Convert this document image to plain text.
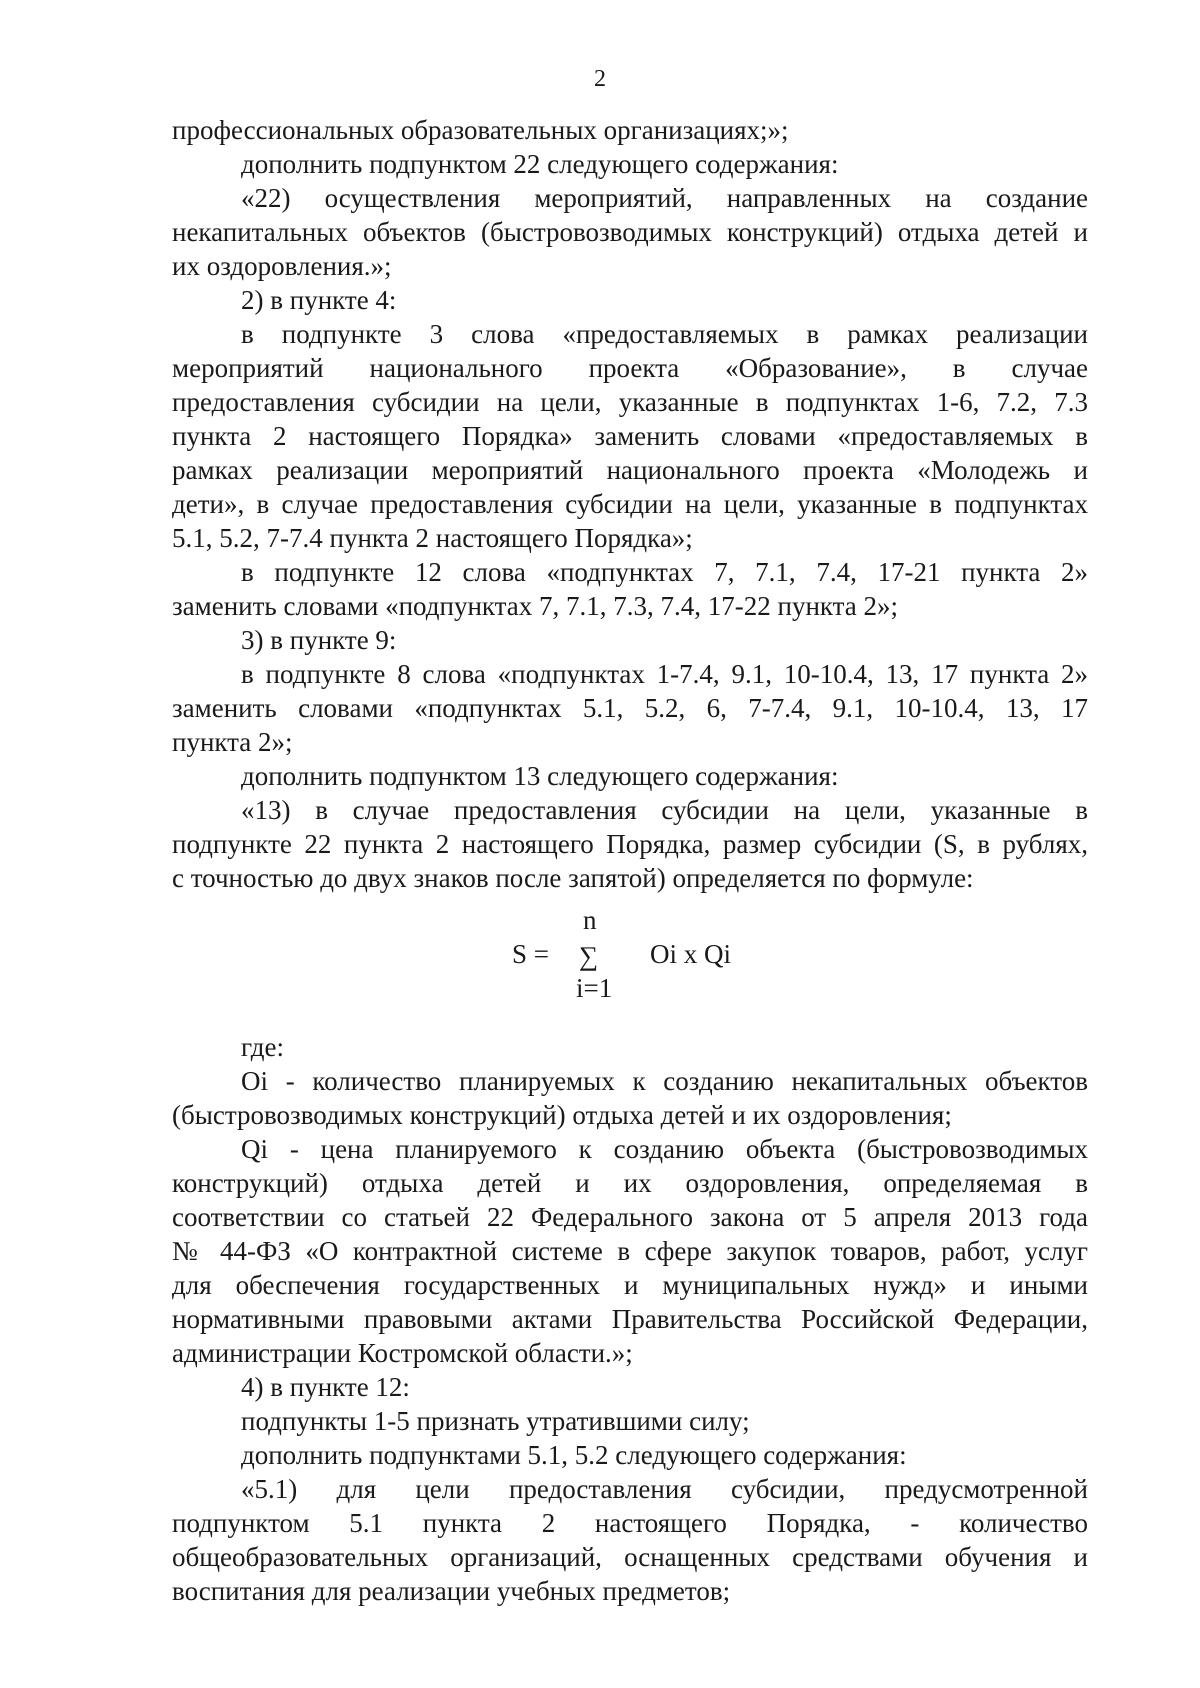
2
профессиональных образовательных организациях;»;
дополнить подпунктом 22 следующего содержания:
«22) осуществления мероприятий, направленных на создание
некапитальных объектов (быстровозводимых конструкций) отдыха детей и
их оздоровления.»;
2) в пункте 4:
в подпункте 3 слова «предоставляемых в рамках реализации
мероприятий национального проекта «Образование», в случае
предоставления субсидии на цели, указанные в подпунктах 1-6, 7.2, 7.3
пункта 2 настоящего Порядка» заменить словами «предоставляемых в
рамках реализации мероприятий национального проекта «Молодежь и
дети», в случае предоставления субсидии на цели, указанные в подпунктах
5.1, 5.2, 7-7.4 пункта 2 настоящего Порядка»;
в подпункте 12 слова «подпунктах 7, 7.1, 7.4, 17-21 пункта 2»
заменить словами «подпунктах 7, 7.1, 7.3, 7.4, 17-22 пункта 2»;
3) в пункте 9:
в подпункте 8 слова «подпунктах 1-7.4, 9.1, 10-10.4, 13, 17 пункта 2»
заменить словами «подпунктах 5.1, 5.2, 6, 7-7.4, 9.1, 10-10.4, 13, 17
пункта 2»;
дополнить подпунктом 13 следующего содержания:
«13) в случае предоставления субсидии на цели, указанные в
подпункте 22 пункта 2 настоящего Порядка, размер субсидии (S, в рублях,
с точностью до двух знаков после запятой) определяется по формуле:
n
S = ∑ Oi x Qi
i=1
где:
Oi - количество планируемых к созданию некапитальных объектов
(быстровозводимых конструкций) отдыха детей и их оздоровления;
Qi - цена планируемого к созданию объекта (быстровозводимых
конструкций) отдыха детей и их оздоровления, определяемая в
соответствии со статьей 22 Федерального закона от 5 апреля 2013 года
№ 44-ФЗ «О контрактной системе в сфере закупок товаров, работ, услуг
для обеспечения государственных и муниципальных нужд» и иными
нормативными правовыми актами Правительства Российской Федерации,
администрации Костромской области.»;
4) в пункте 12:
подпункты 1-5 признать утратившими силу;
дополнить подпунктами 5.1, 5.2 следующего содержания:
«5.1) для цели предоставления субсидии, предусмотренной
подпунктом 5.1 пункта 2 настоящего Порядка, - количество
общеобразовательных организаций, оснащенных средствами обучения и
воспитания для реализации учебных предметов;
